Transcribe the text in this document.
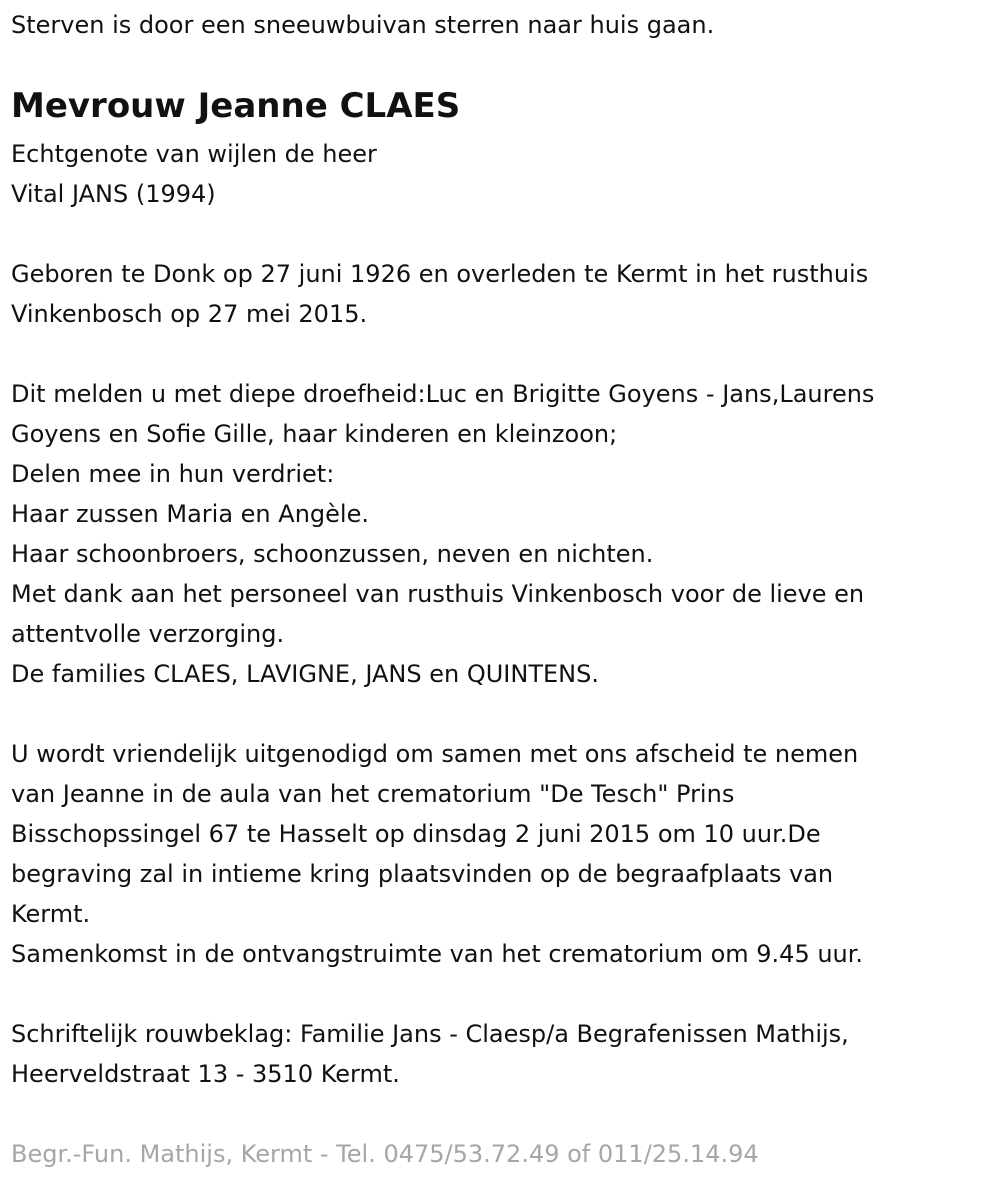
Sterven is door een sneeuwbuivan sterren naar huis gaan.

Mevrouw Jeanne CLAES

Echtgenote van wijlen de heer

Vital JANS (1994)

Geboren te Donk op 27 juni 1926 en overleden te Kermt in het rusthuis

Vinkenbosch op 27 mei 2015.

Dit melden u met diepe droefheid:Luc en Brigitte Goyens - Jans,Laurens

Goyens en Sofie Gille, haar kinderen en kleinzoon;

Delen mee in hun verdriet:

Haar zussen Maria en Angèle.

Haar schoonbroers, schoonzussen, neven en nichten.

Met dank aan het personeel van rusthuis Vinkenbosch voor de lieve en

attentvolle verzorging.

De families CLAES, LAVIGNE, JANS en QUINTENS.

U wordt vriendelijk uitgenodigd om samen met ons afscheid te nemen

van Jeanne in de aula van het crematorium "De Tesch" Prins

Bisschopssingel 67 te Hasselt op dinsdag 2 juni 2015 om 10 uur.De

begraving zal in intieme kring plaatsvinden op de begraafplaats van

Kermt.

Samenkomst in de ontvangstruimte van het crematorium om 9.45 uur.

Schriftelijk rouwbeklag: Familie Jans - Claesp/a Begrafenissen Mathijs,

Heerveldstraat 13 - 3510 Kermt.

Begr.-Fun. Mathijs, Kermt - Tel. 0475/53.72.49 of 011/25.14.94
